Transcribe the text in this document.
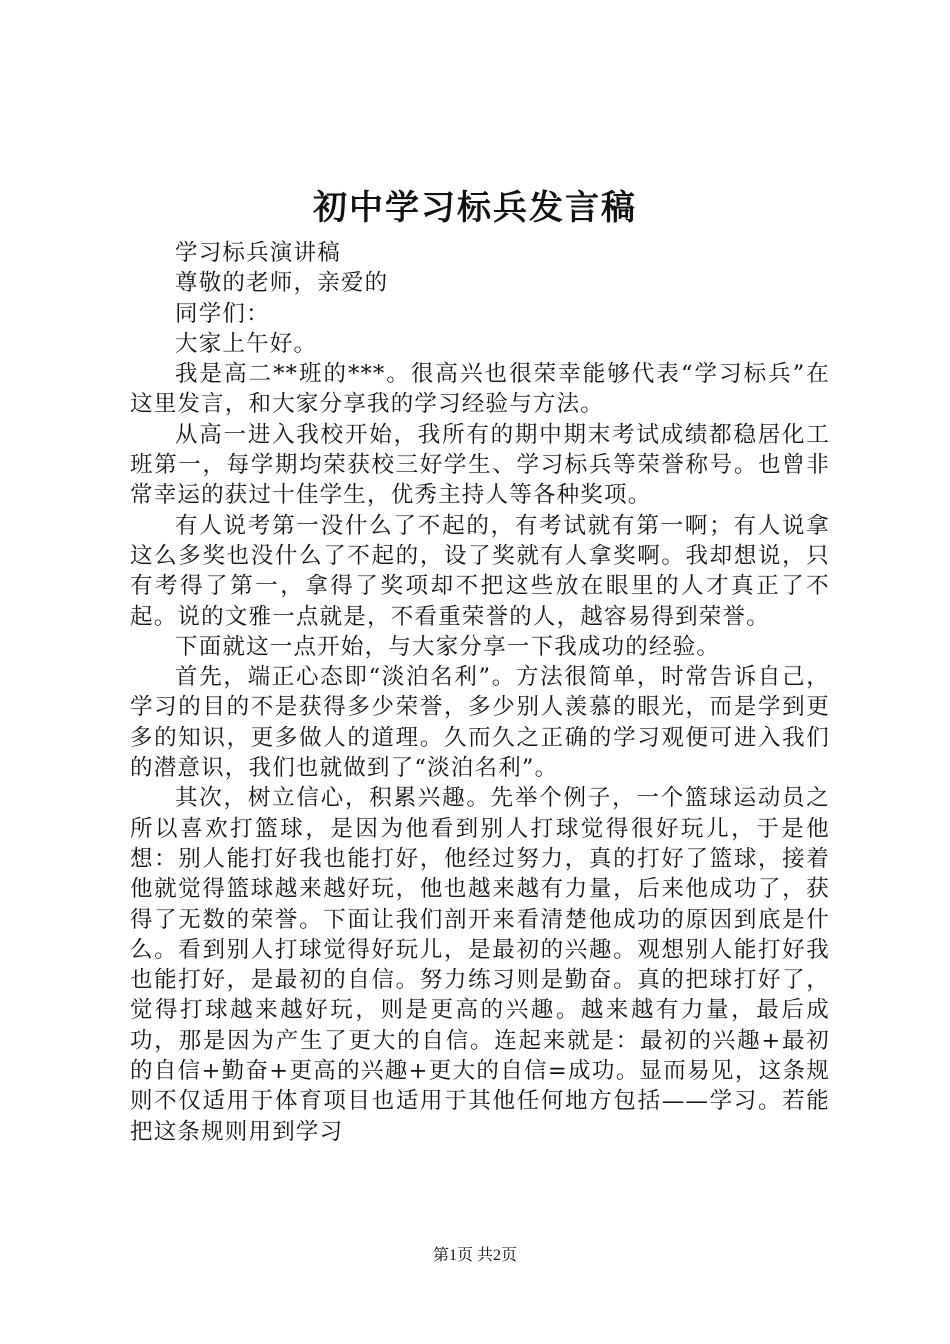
初中学习标兵发言稿

学习标兵演讲稿

尊敬的老师，亲爱的

同学们：

大家上午好。

我是高二**班的***。很高兴也很荣幸能够代表“学习标兵”在这里发言，和大家分享我的学习经验与方法。

从高一进入我校开始，我所有的期中期末考试成绩都稳居化工班第一，每学期均荣获校三好学生、学习标兵等荣誉称号。也曾非常幸运的获过十佳学生，优秀主持人等各种奖项。

有人说考第一没什么了不起的，有考试就有第一啊；有人说拿这么多奖也没什么了不起的，设了奖就有人拿奖啊。我却想说，只有考得了第一，拿得了奖项却不把这些放在眼里的人才真正了不起。说的文雅一点就是，不看重荣誉的人，越容易得到荣誉。

下面就这一点开始，与大家分享一下我成功的经验。

首先，端正心态即“淡泊名利”。方法很简单，时常告诉自己，学习的目的不是获得多少荣誉，多少别人羡慕的眼光，而是学到更多的知识，更多做人的道理。久而久之正确的学习观便可进入我们的潜意识，我们也就做到了“淡泊名利”。

其次，树立信心，积累兴趣。先举个例子，一个篮球运动员之所以喜欢打篮球，是因为他看到别人打球觉得很好玩儿，于是他想：别人能打好我也能打好，他经过努力，真的打好了篮球，接着他就觉得篮球越来越好玩，他也越来越有力量，后来他成功了，获得了无数的荣誉。下面让我们剖开来看清楚他成功的原因到底是什么。看到别人打球觉得好玩儿，是最初的兴趣。观想别人能打好我也能打好，是最初的自信。努力练习则是勤奋。真的把球打好了，觉得打球越来越好玩，则是更高的兴趣。越来越有力量，最后成功，那是因为产生了更大的自信。连起来就是：最初的兴趣+最初的自信+勤奋+更高的兴趣+更大的自信=成功。显而易见，这条规则不仅适用于体育项目也适用于其他任何地方包括——学习。若能把这条规则用到学习

第1页 共2页
